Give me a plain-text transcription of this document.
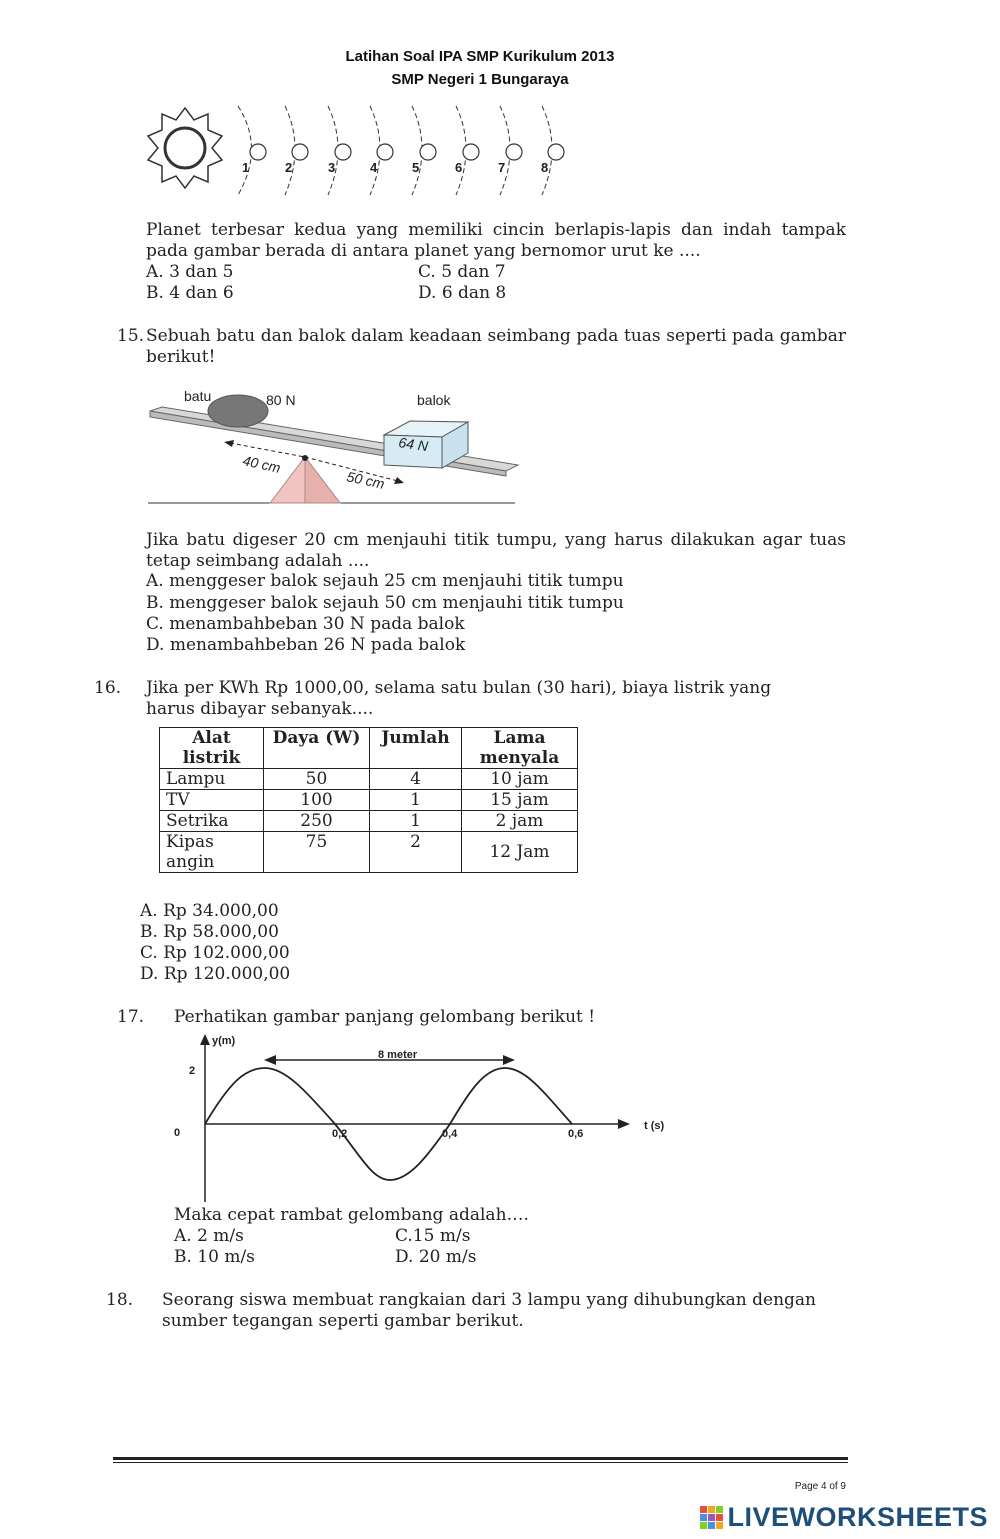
Latihan Soal IPA SMP Kurikulum 2013
SMP Negeri 1 Bungaraya
1	2	3	4	5	6	7	8
Planet terbesar kedua yang memiliki cincin berlapis-lapis dan indah tampak pada gambar berada di antara planet yang bernomor urut ke ....
A. 3 dan 5	C. 5 dan 7
B. 4 dan 6	D. 6 dan 8
15. Sebuah batu dan balok dalam keadaan seimbang pada tuas seperti pada gambar berikut!
batu	80 N	balok
64 N
40 cm
50 cm
Jika batu digeser 20 cm menjauhi titik tumpu, yang harus dilakukan agar tuas tetap seimbang adalah ....
A. menggeser balok sejauh 25 cm menjauhi titik tumpu
B. menggeser balok sejauh 50 cm menjauhi titik tumpu
C. menambahbeban 30 N pada balok
D. menambahbeban 26 N pada balok
16. Jika per KWh Rp 1000,00, selama satu bulan (30 hari), biaya listrik yang
harus dibayar sebanyak....
Alat
listrik	Daya (W)	Jumlah	Lama
menyala
Lampu	50	4	10 jam
TV	100	1	15 jam
Setrika	250	1	2 jam
Kipas
angin	75	2	12 Jam
A. Rp 34.000,00
B. Rp 58.000,00
C. Rp 102.000,00
D. Rp 120.000,00
17. Perhatikan gambar panjang gelombang berikut !
y(m)
2
0
t (s)
0,2	0,4	0,6
8 meter
Maka cepat rambat gelombang adalah….
A. 2 m/s	C.15 m/s
B. 10 m/s	D. 20 m/s
18. Seorang siswa membuat rangkaian dari 3 lampu yang dihubungkan dengan
sumber tegangan seperti gambar berikut.
Page 4 of 9
LIVEWORKSHEETS
